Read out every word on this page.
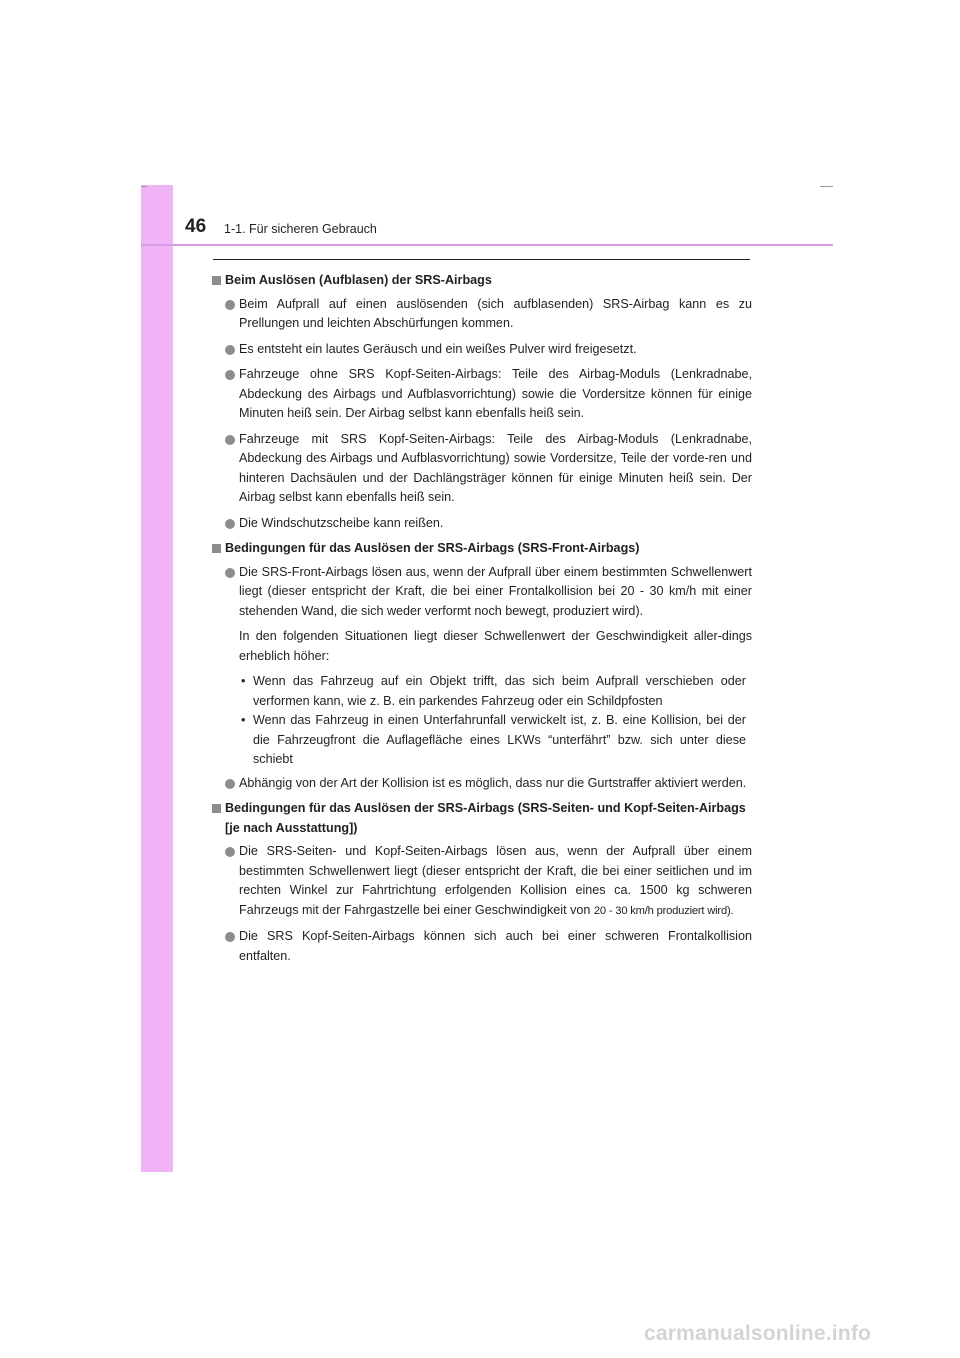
46 1-1. Für sicheren Gebrauch
Beim Auslösen (Aufblasen) der SRS-Airbags
Beim Aufprall auf einen auslösenden (sich aufblasenden) SRS-Airbag kann es zu Prellungen und leichten Abschürfungen kommen.
Es entsteht ein lautes Geräusch und ein weißes Pulver wird freigesetzt.
Fahrzeuge ohne SRS Kopf-Seiten-Airbags: Teile des Airbag-Moduls (Lenkradnabe, Abdeckung des Airbags und Aufblasvorrichtung) sowie die Vordersitze können für einige Minuten heiß sein. Der Airbag selbst kann ebenfalls heiß sein.
Fahrzeuge mit SRS Kopf-Seiten-Airbags: Teile des Airbag-Moduls (Lenkradnabe, Abdeckung des Airbags und Aufblasvorrichtung) sowie Vordersitze, Teile der vorde-ren und hinteren Dachsäulen und der Dachlängsträger können für einige Minuten heiß sein. Der Airbag selbst kann ebenfalls heiß sein.
Die Windschutzscheibe kann reißen.
Bedingungen für das Auslösen der SRS-Airbags (SRS-Front-Airbags)
Die SRS-Front-Airbags lösen aus, wenn der Aufprall über einem bestimmten Schwellenwert liegt (dieser entspricht der Kraft, die bei einer Frontalkollision bei 20 - 30 km/h mit einer stehenden Wand, die sich weder verformt noch bewegt, produziert wird).
In den folgenden Situationen liegt dieser Schwellenwert der Geschwindigkeit aller-dings erheblich höher:
• Wenn das Fahrzeug auf ein Objekt trifft, das sich beim Aufprall verschieben oder verformen kann, wie z. B. ein parkendes Fahrzeug oder ein Schildpfosten
• Wenn das Fahrzeug in einen Unterfahrunfall verwickelt ist, z. B. eine Kollision, bei der die Fahrzeugfront die Auflagefläche eines LKWs “unterfährt” bzw. sich unter diese schiebt
Abhängig von der Art der Kollision ist es möglich, dass nur die Gurtstraffer aktiviert werden.
Bedingungen für das Auslösen der SRS-Airbags (SRS-Seiten- und Kopf-Seiten-Airbags [je nach Ausstattung])
Die SRS-Seiten- und Kopf-Seiten-Airbags lösen aus, wenn der Aufprall über einem bestimmten Schwellenwert liegt (dieser entspricht der Kraft, die bei einer seitlichen und im rechten Winkel zur Fahrtrichtung erfolgenden Kollision eines ca. 1500 kg schweren Fahrzeugs mit der Fahrgastzelle bei einer Geschwindigkeit von 20 - 30 km/h produziert wird).
Die SRS Kopf-Seiten-Airbags können sich auch bei einer schweren Frontalkollision entfalten.
carmanualsonline.info
